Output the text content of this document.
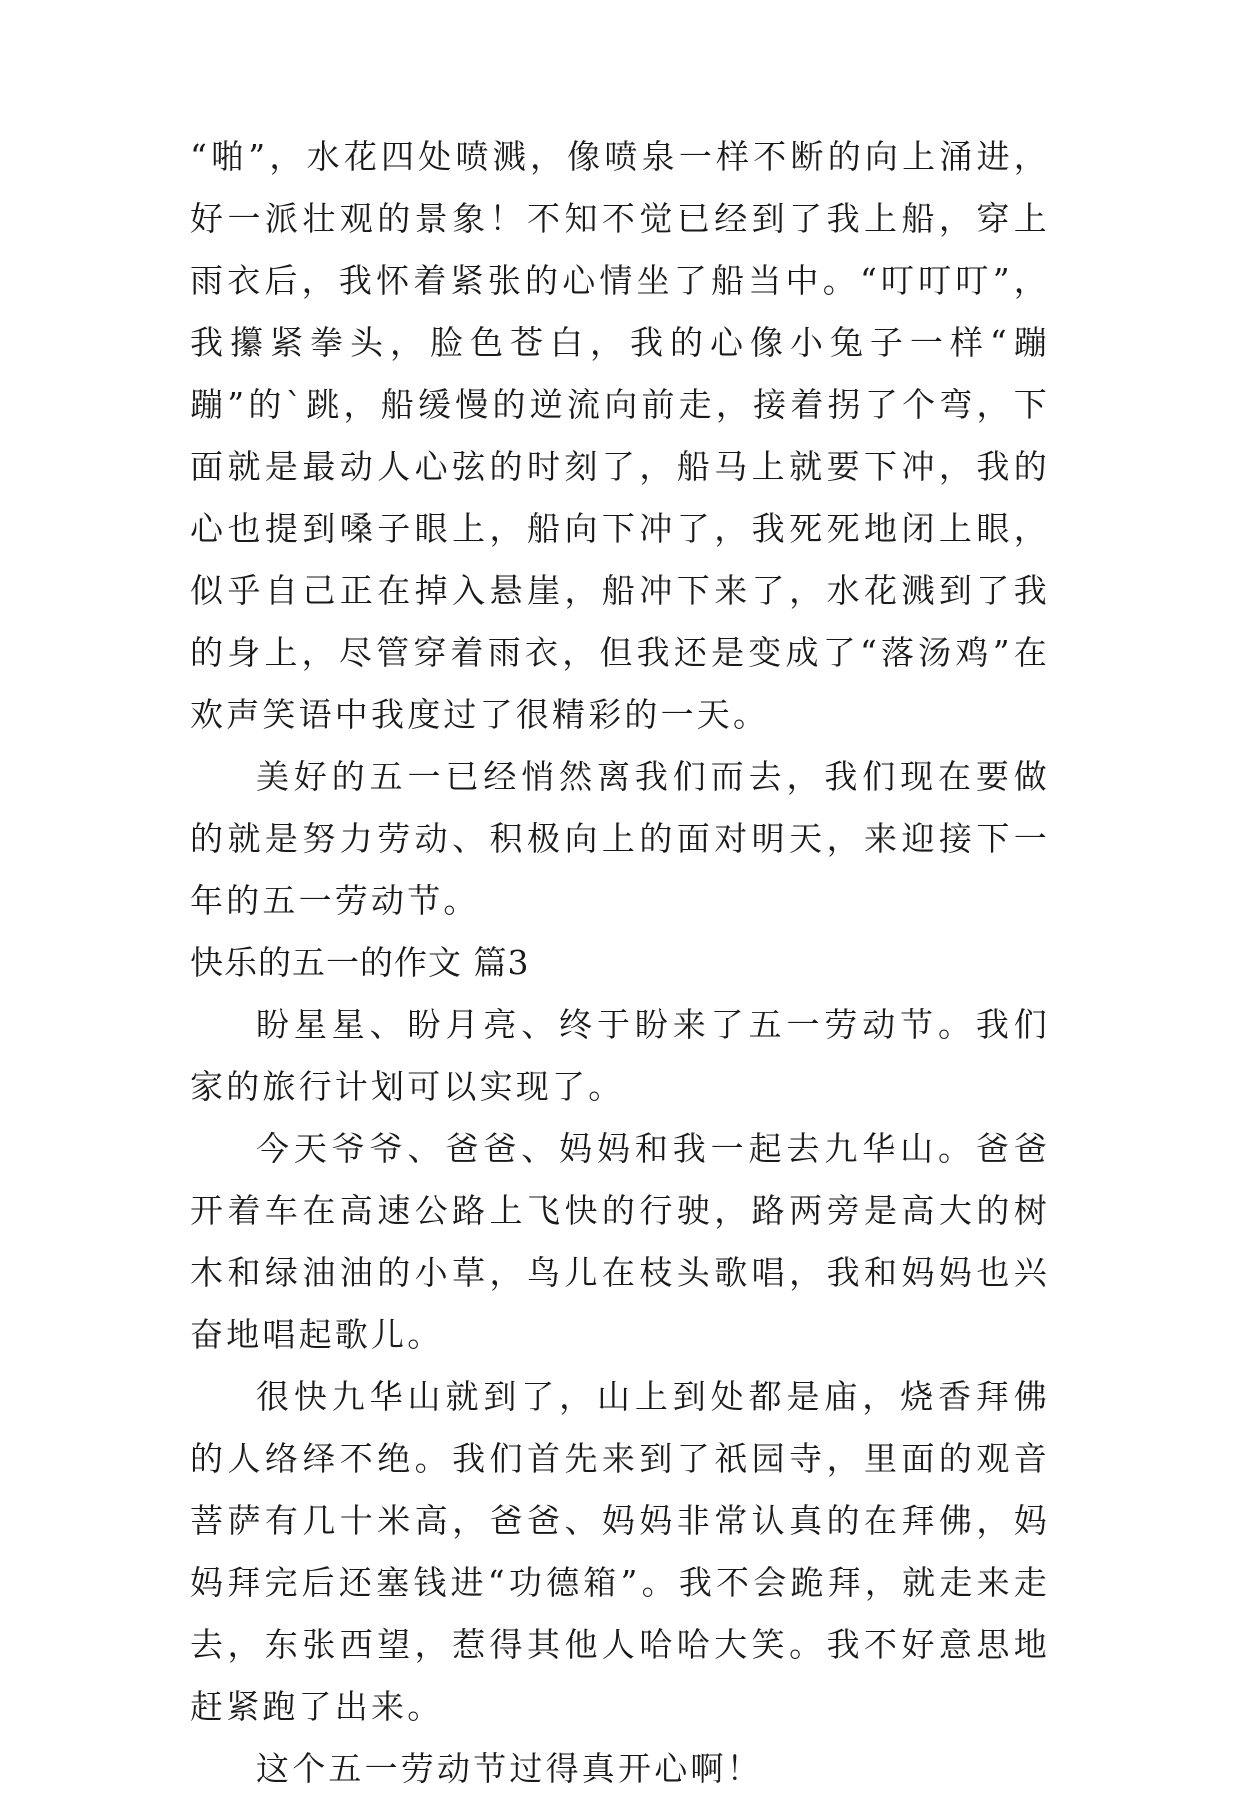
“啪”，水花四处喷溅，像喷泉一样不断的向上涌进，好一派壮观的景象！不知不觉已经到了我上船，穿上雨衣后，我怀着紧张的心情坐了船当中。“叮叮叮”，我攥紧拳头，脸色苍白，我的心像小兔子一样“蹦蹦”的`跳，船缓慢的逆流向前走，接着拐了个弯，下面就是最动人心弦的时刻了，船马上就要下冲，我的心也提到嗓子眼上，船向下冲了，我死死地闭上眼，似乎自己正在掉入悬崖，船冲下来了，水花溅到了我的身上，尽管穿着雨衣，但我还是变成了“落汤鸡”在欢声笑语中我度过了很精彩的一天。

美好的五一已经悄然离我们而去，我们现在要做的就是努力劳动、积极向上的面对明天，来迎接下一年的五一劳动节。

快乐的五一的作文 篇3

盼星星、盼月亮、终于盼来了五一劳动节。我们家的旅行计划可以实现了。

今天爷爷、爸爸、妈妈和我一起去九华山。爸爸开着车在高速公路上飞快的行驶，路两旁是高大的树木和绿油油的小草，鸟儿在枝头歌唱，我和妈妈也兴奋地唱起歌儿。

很快九华山就到了，山上到处都是庙，烧香拜佛的人络绎不绝。我们首先来到了祇园寺，里面的观音菩萨有几十米高，爸爸、妈妈非常认真的在拜佛，妈妈拜完后还塞钱进“功德箱”。我不会跪拜，就走来走去，东张西望，惹得其他人哈哈大笑。我不好意思地赶紧跑了出来。

这个五一劳动节过得真开心啊！
